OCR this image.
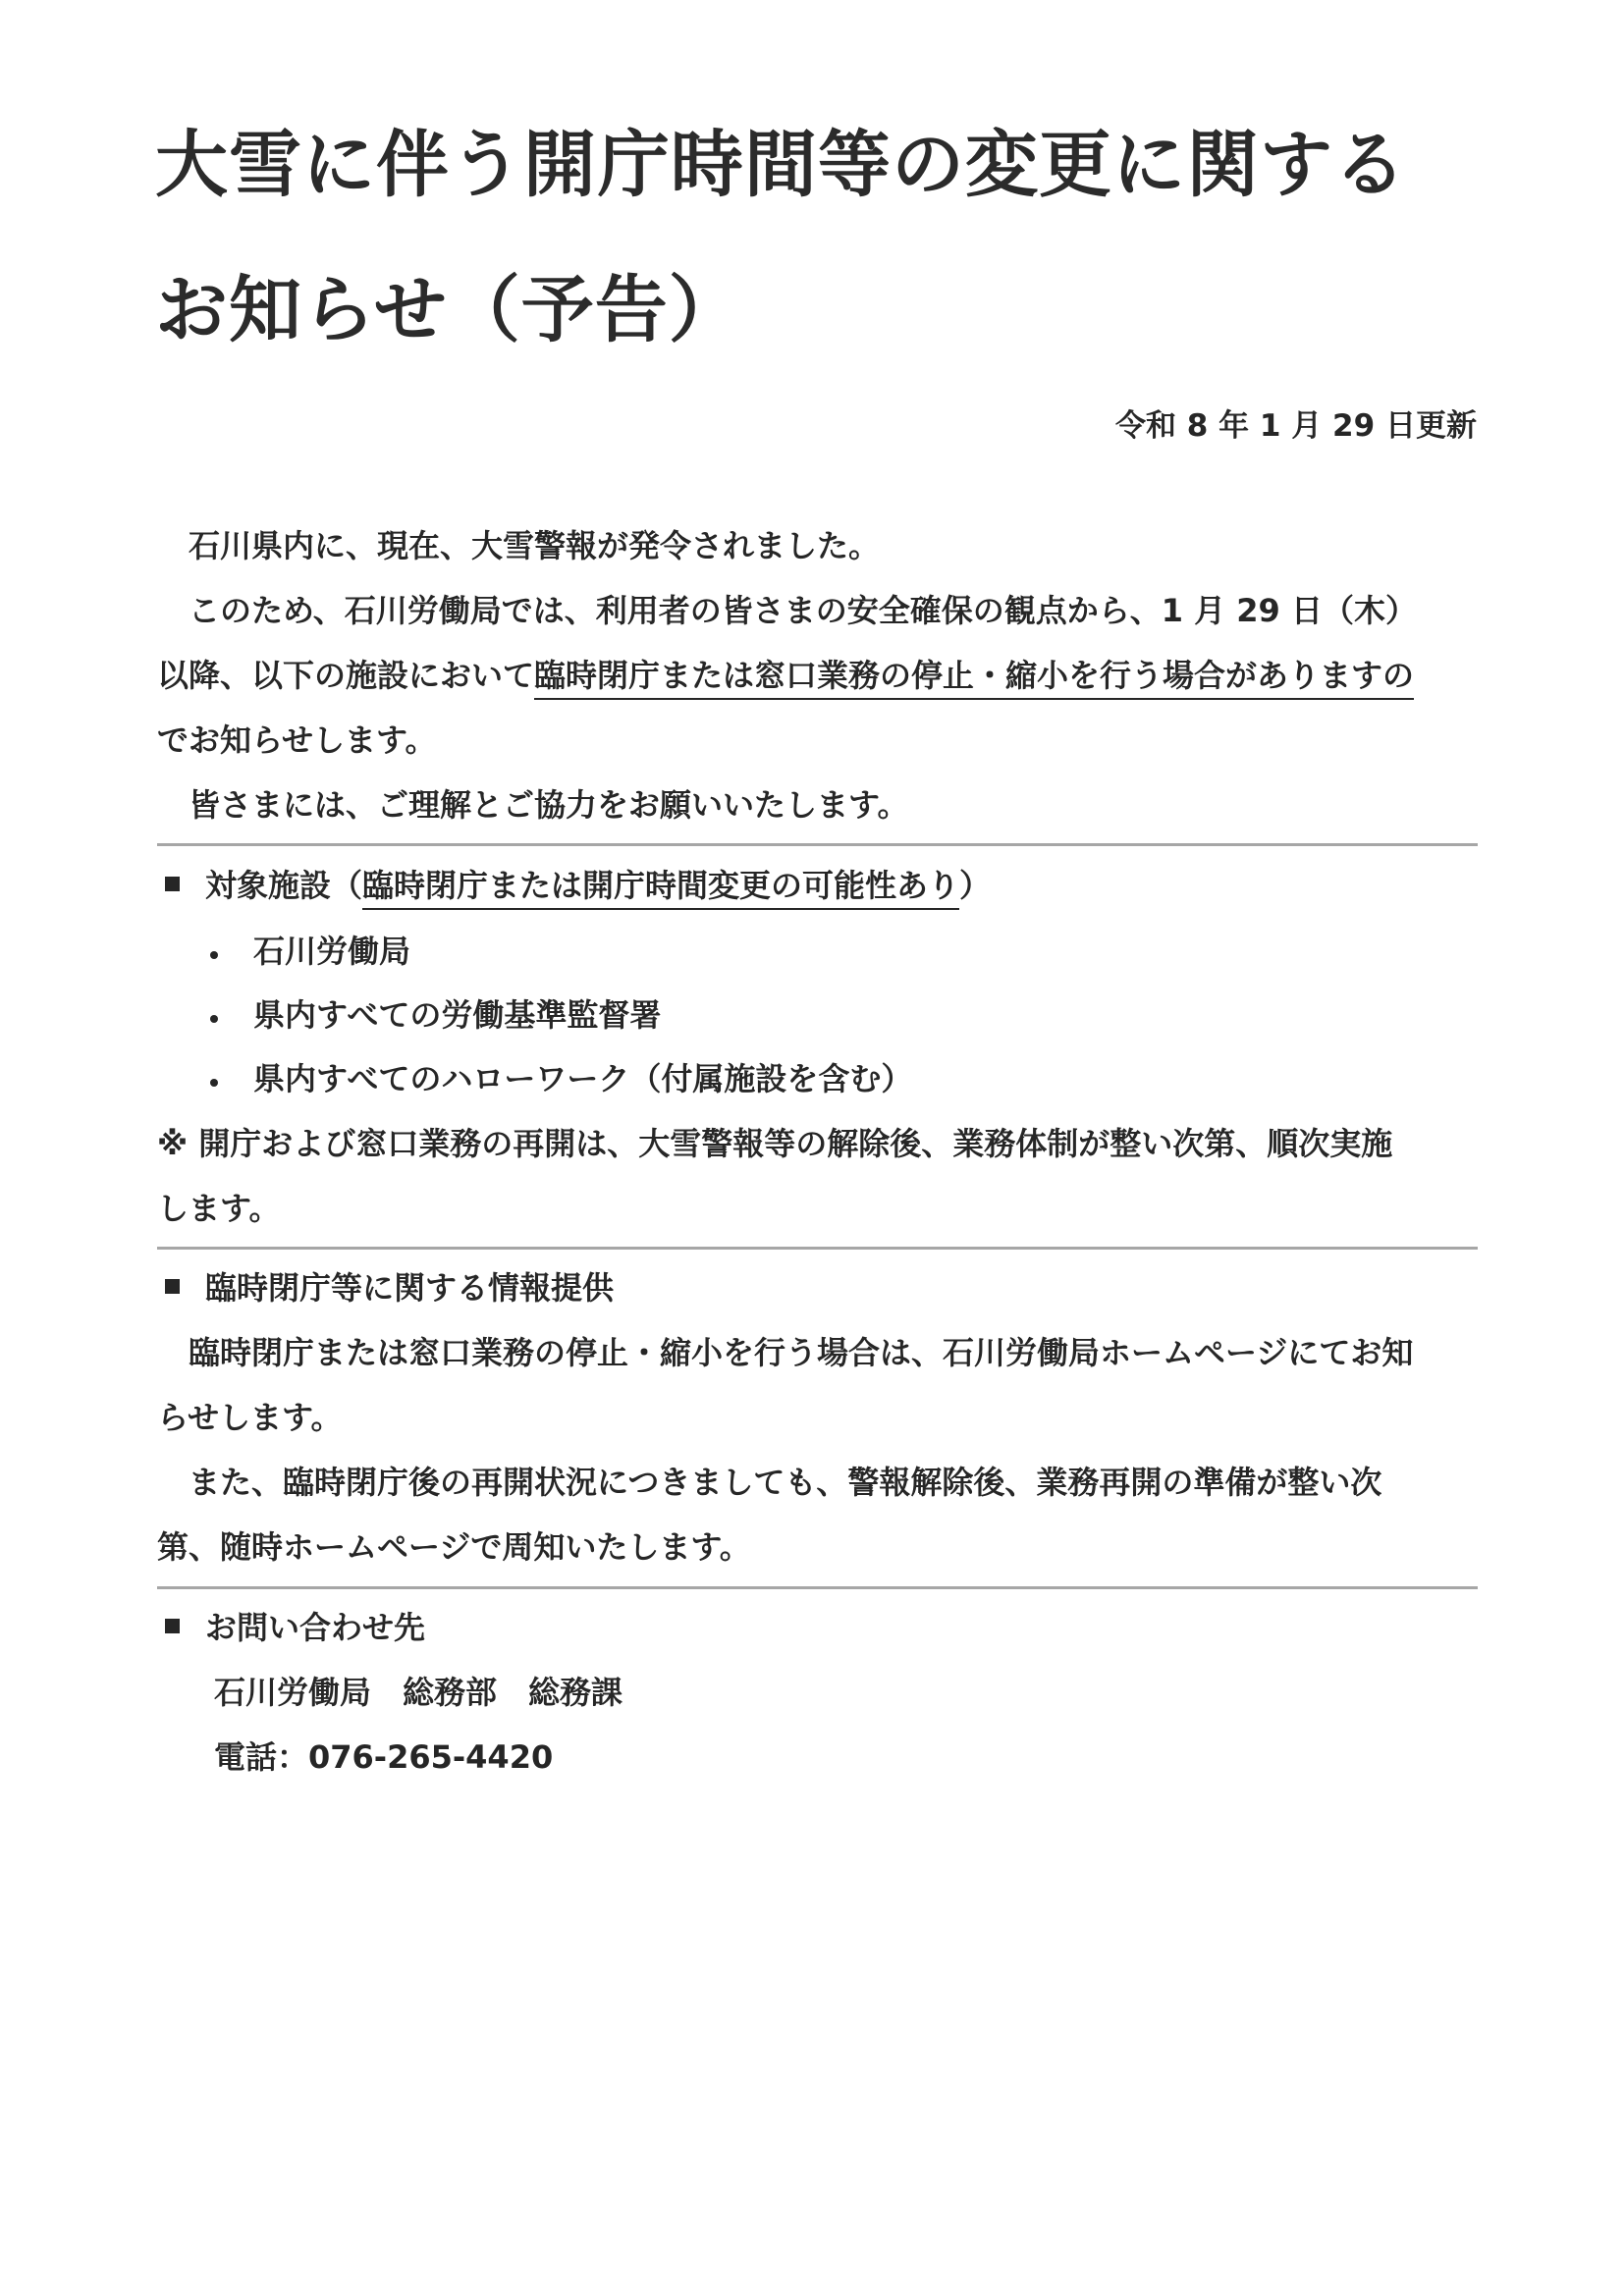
大雪に伴う開庁時間等の変更に関する
お知らせ（予告）
令和 8 年 1 月 29 日更新
石川県内に、現在、大雪警報が発令されました。
このため、石川労働局では、利用者の皆さまの安全確保の観点から、1 月 29 日（木）
以降、以下の施設において臨時閉庁または窓口業務の停止・縮小を行う場合がありますの
でお知らせします。
皆さまには、ご理解とご協力をお願いいたします。
対象施設（臨時閉庁または開庁時間変更の可能性あり）
石川労働局
県内すべての労働基準監督署
県内すべてのハローワーク（付属施設を含む）
※ 開庁および窓口業務の再開は、大雪警報等の解除後、業務体制が整い次第、順次実施
します。
臨時閉庁等に関する情報提供
臨時閉庁または窓口業務の停止・縮小を行う場合は、石川労働局ホームページにてお知
らせします。
また、臨時閉庁後の再開状況につきましても、警報解除後、業務再開の準備が整い次
第、随時ホームページで周知いたします。
お問い合わせ先
石川労働局　総務部　総務課
電話：076-265-4420
